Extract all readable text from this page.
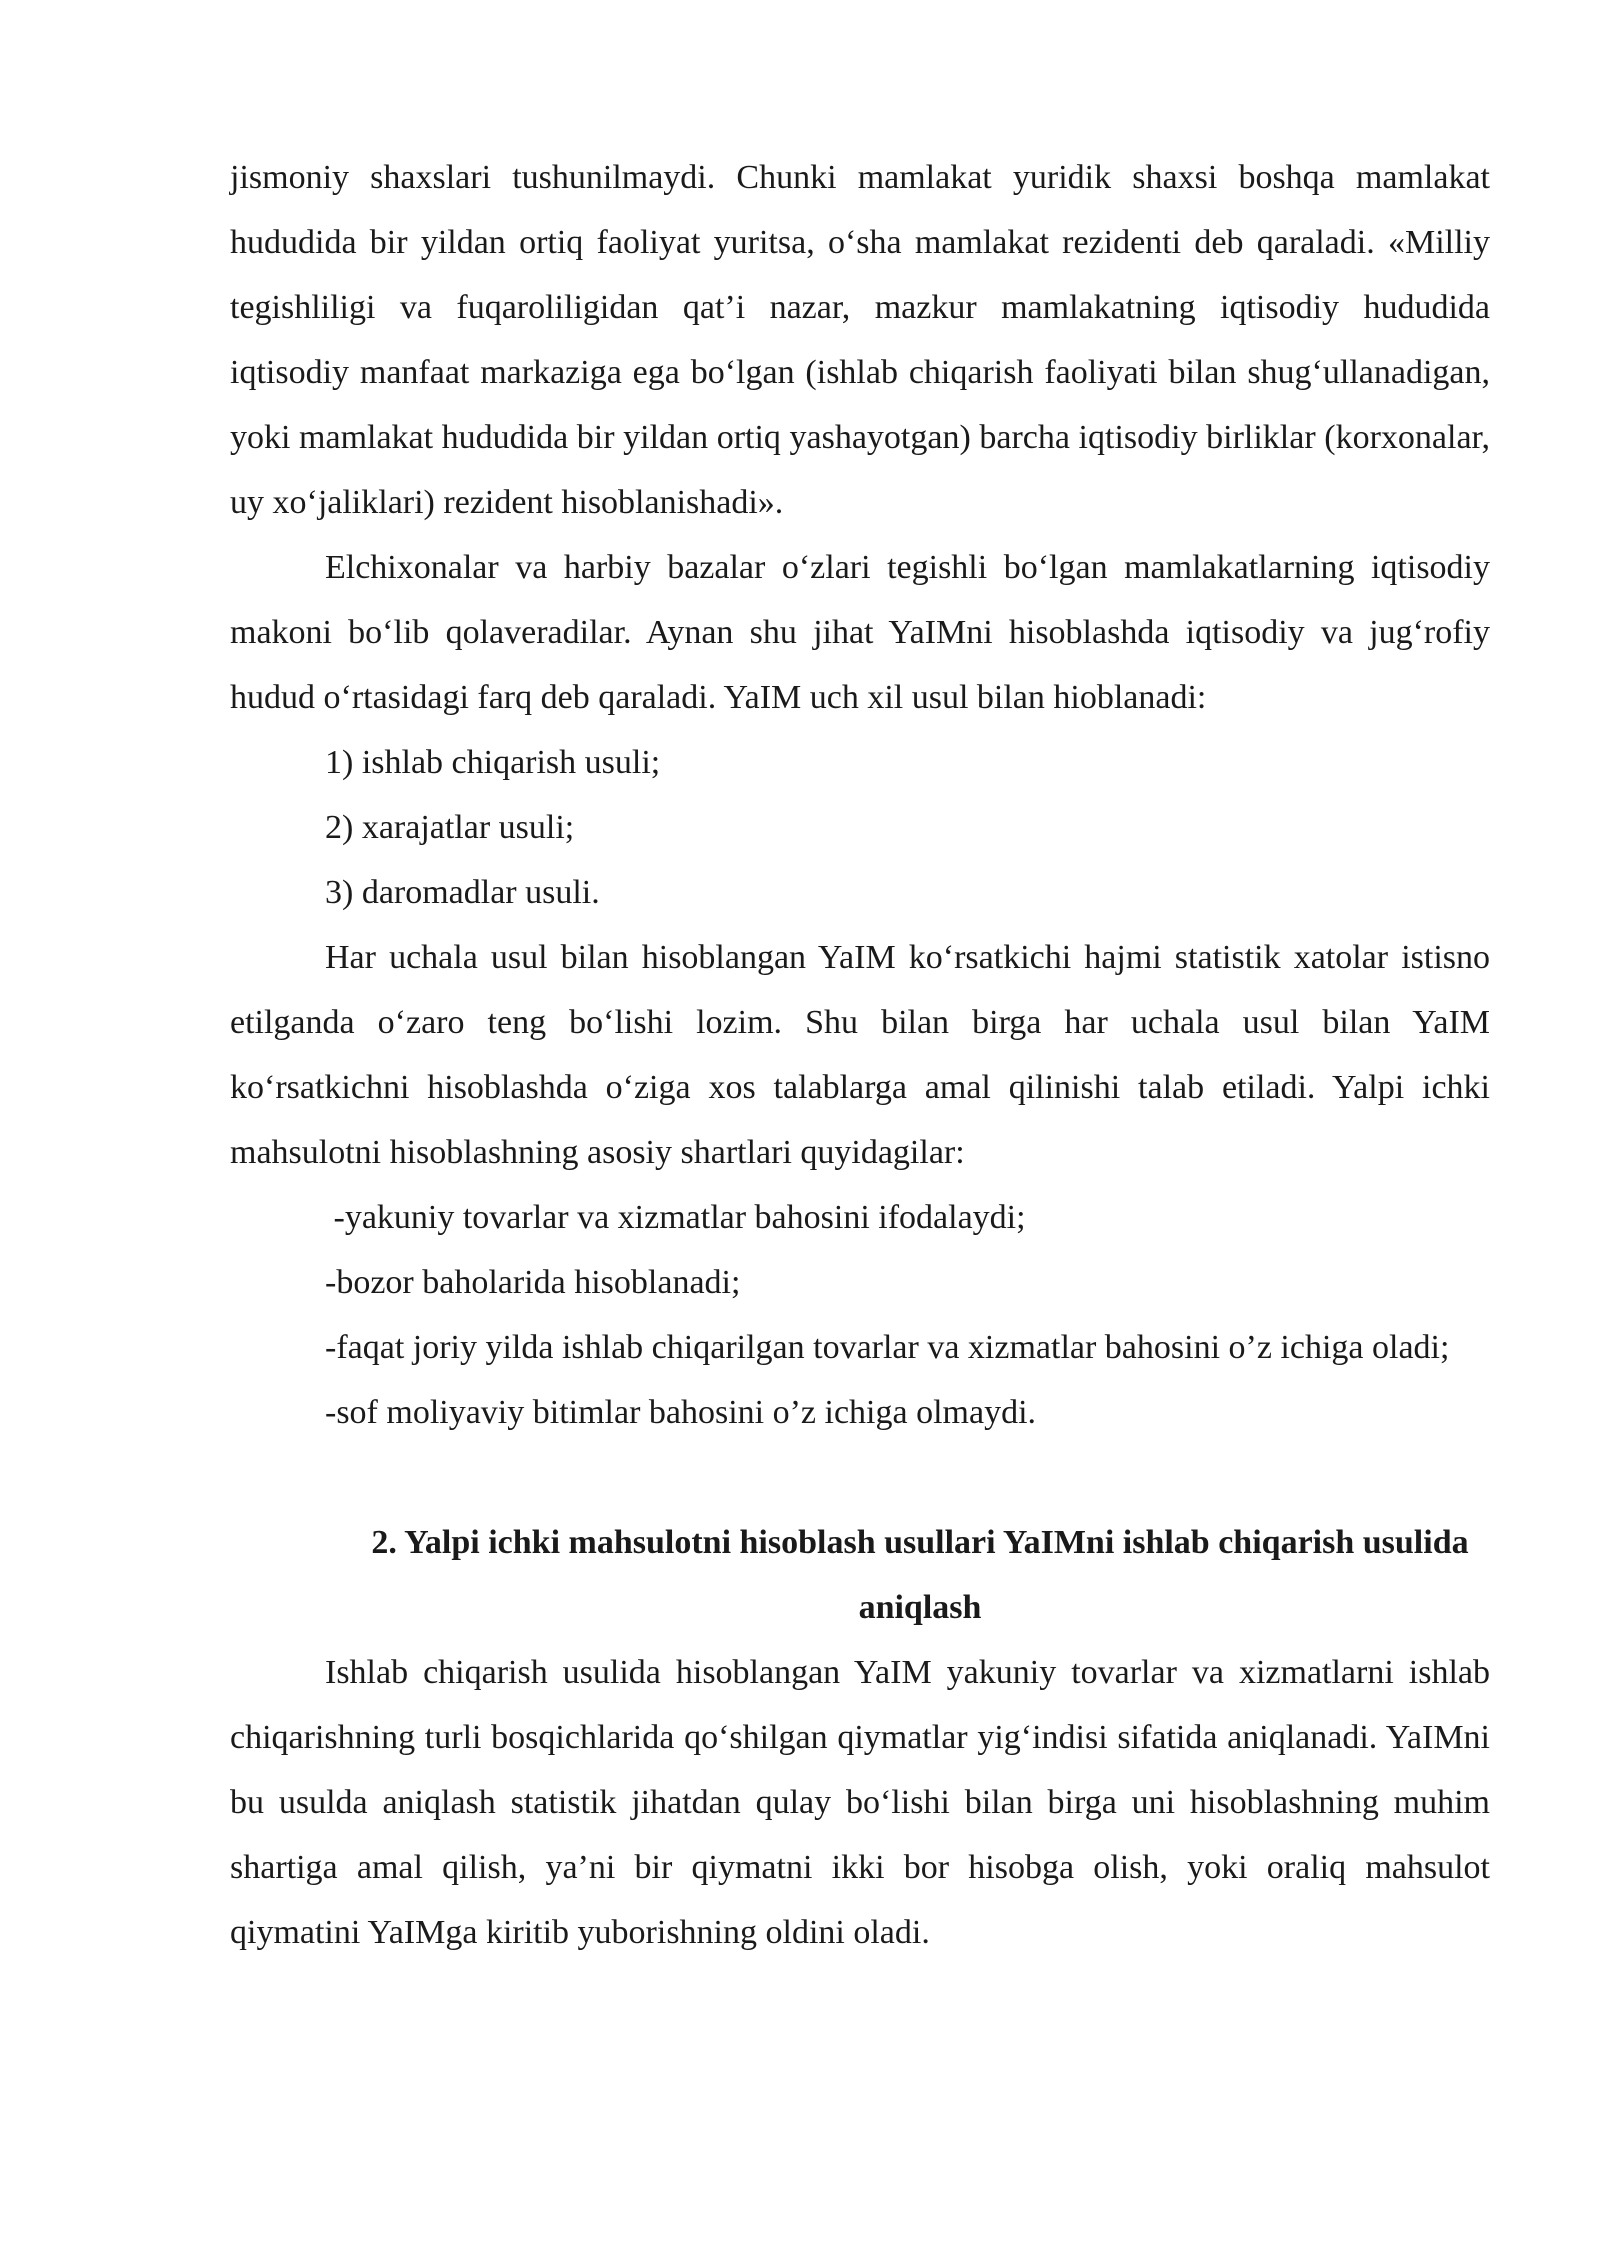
jismoniy shaxslari tushunilmaydi. Chunki mamlakat yuridik shaxsi boshqa mamlakat hududida bir yildan ortiq faoliyat yuritsa, o‘sha mamlakat rezidenti deb qaraladi. «Milliy tegishliligi va fuqaroliligidan qat’i nazar, mazkur mamlakatning iqtisodiy hududida iqtisodiy manfaat markaziga ega bo‘lgan (ishlab chiqarish faoliyati bilan shug‘ullanadigan, yoki mamlakat hududida bir yildan ortiq yashayotgan) barcha iqtisodiy birliklar (korxonalar, uy xo‘jaliklari) rezident hisoblanishadi».

Elchixonalar va harbiy bazalar o‘zlari tegishli bo‘lgan mamlakatlarning iqtisodiy makoni bo‘lib qolaveradilar. Aynan shu jihat YaIMni hisoblashda iqtisodiy va jug‘rofiy hudud o‘rtasidagi farq deb qaraladi. YaIM uch xil usul bilan hioblanadi:

1) ishlab chiqarish usuli;

2) xarajatlar usuli;

3) daromadlar usuli.

Har uchala usul bilan hisoblangan YaIM ko‘rsatkichi hajmi statistik xatolar istisno etilganda o‘zaro teng bo‘lishi lozim. Shu bilan birga har uchala usul bilan YaIM ko‘rsatkichni hisoblashda o‘ziga xos talablarga amal qilinishi talab etiladi. Yalpi ichki mahsulotni hisoblashning asosiy shartlari quyidagilar:

-yakuniy tovarlar va xizmatlar bahosini ifodalaydi;

-bozor baholarida hisoblanadi;

-faqat joriy yilda ishlab chiqarilgan tovarlar va xizmatlar bahosini o’z ichiga oladi;

-sof moliyaviy bitimlar bahosini o’z ichiga olmaydi.

2. Yalpi ichki mahsulotni hisoblash usullari YaIMni ishlab chiqarish usulida aniqlash

Ishlab chiqarish usulida hisoblangan YaIM yakuniy tovarlar va xizmatlarni ishlab chiqarishning turli bosqichlarida qo‘shilgan qiymatlar yig‘indisi sifatida aniqlanadi. YaIMni bu usulda aniqlash statistik jihatdan qulay bo‘lishi bilan birga uni hisoblashning muhim shartiga amal qilish, ya’ni bir qiymatni ikki bor hisobga olish, yoki oraliq mahsulot qiymatini YaIMga kiritib yuborishning oldini oladi.
